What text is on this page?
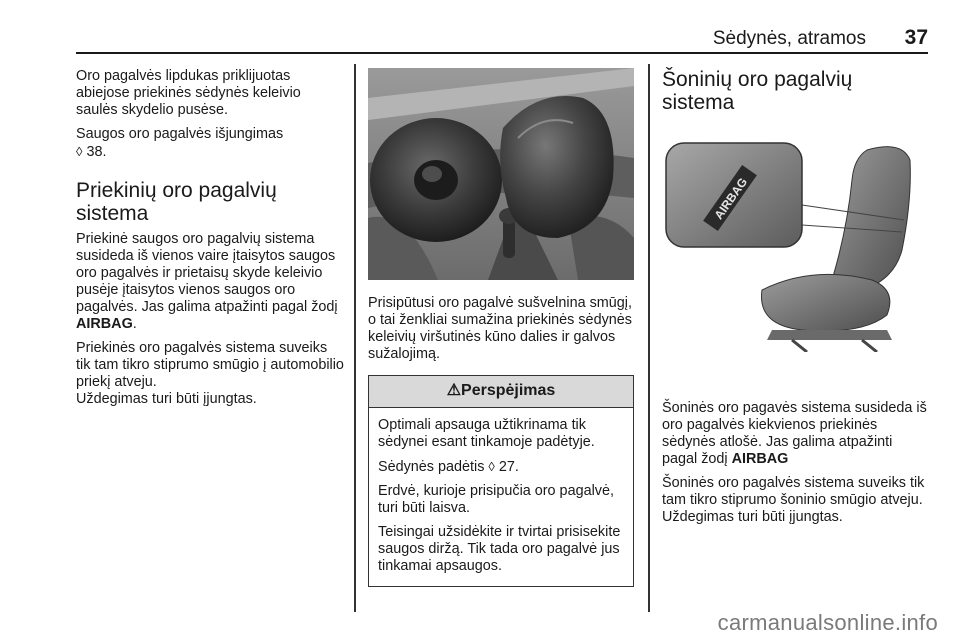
Sėdynės, atramos 37

Oro pagalvės lipdukas priklijuotas abiejose priekinės sėdynės keleivio saulės skydelio pusėse.

Saugos oro pagalvės išjungimas
◊ 38.

Priekinių oro pagalvių sistema

Priekinė saugos oro pagalvių sistema susideda iš vienos vaire įtaisytos saugos oro pagalvės ir prietaisų skyde keleivio pusėje įtaisytos vienos saugos oro pagalvės. Jas galima atpažinti pagal žodį AIRBAG.

Priekinės oro pagalvės sistema suveiks tik tam tikro stiprumo smūgio į automobilio priekį atveju.
Uždegimas turi būti įjungtas.

Prisipūtusi oro pagalvė sušvelnina smūgį, o tai ženkliai sumažina priekinės sėdynės keleivių viršutinės kūno dalies ir galvos sužalojimą.

⚠Perspėjimas

Optimali apsauga užtikrinama tik sėdynei esant tinkamoje padėtyje.

Sėdynės padėtis ◊ 27.

Erdvė, kurioje prisipučia oro pagalvė, turi būti laisva.

Teisingai užsidėkite ir tvirtai prisisekite saugos diržą. Tik tada oro pagalvė jus tinkamai apsaugos.

Šoninių oro pagalvių sistema
AIRBAG

Šoninės oro pagavės sistema susideda iš oro pagalvės kiekvienos priekinės sėdynės atlošė. Jas galima atpažinti pagal žodį AIRBAG

Šoninės oro pagalvės sistema suveiks tik tam tikro stiprumo šoninio smūgio atveju. Uždegimas turi būti įjungtas.

carmanualsonline.info
